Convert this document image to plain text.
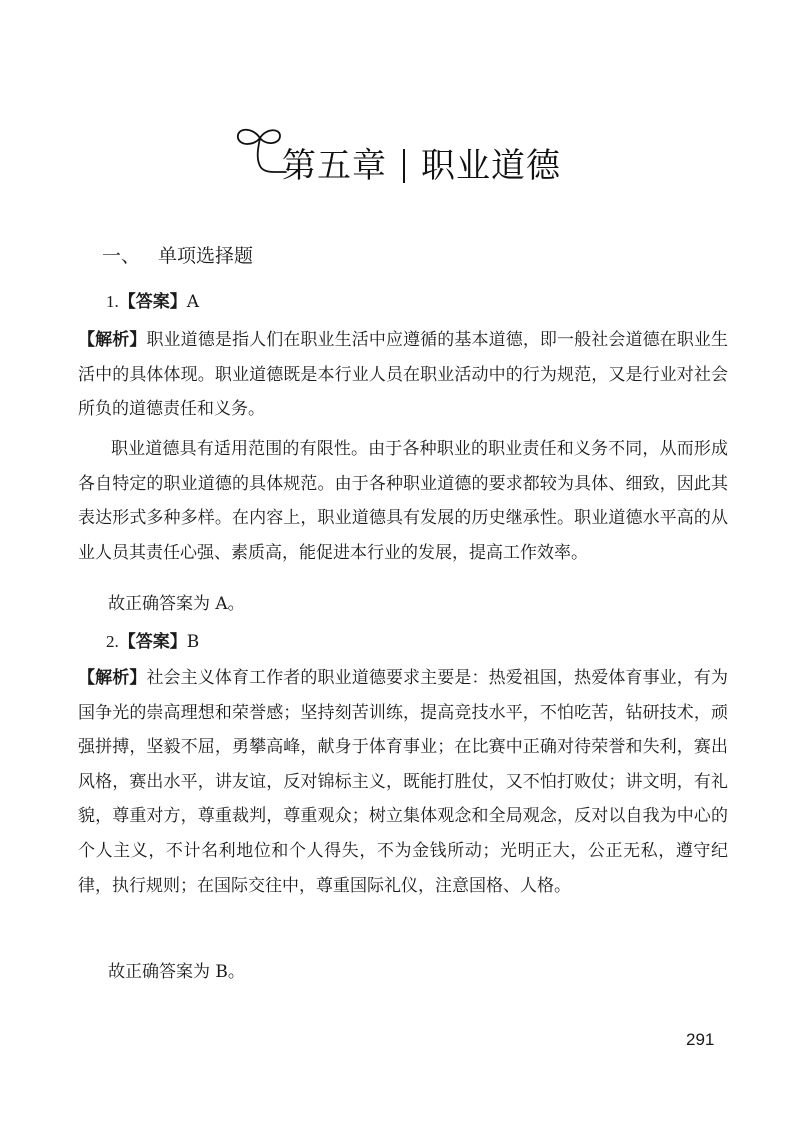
第五章 职业道德
一、 单项选择题
1.【答案】A

【解析】职业道德是指人们在职业生活中应遵循的基本道德，即一般社会道德在职业生活中的具体体现。职业道德既是本行业人员在职业活动中的行为规范，又是行业对社会所负的道德责任和义务。

职业道德具有适用范围的有限性。由于各种职业的职业责任和义务不同，从而形成各自特定的职业道德的具体规范。由于各种职业道德的要求都较为具体、细致，因此其表达形式多种多样。在内容上，职业道德具有发展的历史继承性。职业道德水平高的从业人员其责任心强、素质高，能促进本行业的发展，提高工作效率。

故正确答案为 A。
2.【答案】B

【解析】社会主义体育工作者的职业道德要求主要是：热爱祖国，热爱体育事业，有为国争光的崇高理想和荣誉感；坚持刻苦训练，提高竞技水平，不怕吃苦，钻研技术，顽强拼搏，坚毅不屈，勇攀高峰，献身于体育事业；在比赛中正确对待荣誉和失利，赛出风格，赛出水平，讲友谊，反对锦标主义，既能打胜仗，又不怕打败仗；讲文明，有礼貌，尊重对方，尊重裁判，尊重观众；树立集体观念和全局观念，反对以自我为中心的个人主义，不计名利地位和个人得失，不为金钱所动；光明正大，公正无私，遵守纪律，执行规则；在国际交往中，尊重国际礼仪，注意国格、人格。

故正确答案为 B。
291
